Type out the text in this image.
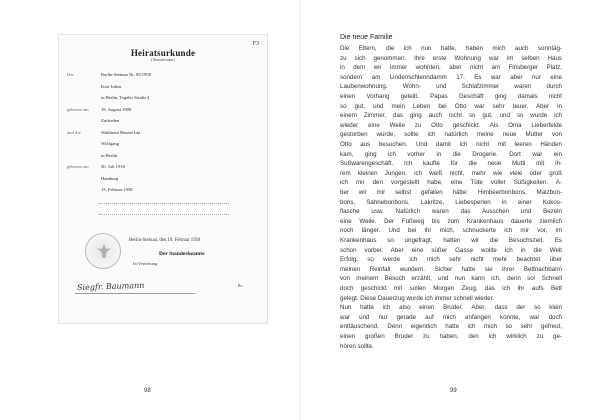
F3
Heiratsurkunde
(Standesamt)
Der	Berlin-Steinau Nr. 95/1958
Kurt Julius
in Berlin, Tegeler Straße 4
geboren am	19. August 1909
Zufrieden
und die	Waldtraut Renate Ida
Wolfgang
in Berlin
geboren am	30. Juli 1916
Hamburg
13. Februar 1958
Berlin-Steinau, den 19. Februar 1958
Der Standesbeamte
In Vertretung
Siegfr. Baumann	Br.
98
Die neue Familie
Die Eltern, die ich nun hatte, haben mich auch sonntäg-
zu sich genommen. Ihre erste Wohnung war im selben Haus
in dem wir immer wohnten, aber nicht am Finsberger Platz,
sondern am Lindenschlenndamm 17. Es war aber nur eine
Laubenwohnung. Wohn- und Schlafzimmer waren durch
einen Vorhang geteilt. Papas Geschäft ging damals nicht
so gut, und mein Leben bei Otto war sehr teuer. Aber in
einem Zimmer, das ging auch nicht so gut, und so wurde ich
wieder eine Weile zu Otto geschickt. Als Oma Lieberfelde
gestorben wurde, sollte ich natürlich meine neue Mutter von
Otto aus besuchen. Und damit ich nicht mit leeren Händen
kam, ging ich vorher in die Drogerie. Dort war ein
Sußwarengeschäft. Ich kaufte für die neue Mutti mit ih-
rem kleinen Jungen, ich weiß nicht, mehr wie viele oder groß
ich mir den vorgestellt habe, eine Tüte voller Süßigkeiten. A-
ber wir mir selbst gefallen hätte: Himbeerbonbons, Malzbon-
bons, Sahnebonbons. Lakritze, Liebesperlen in einer Kokos-
flasche usw. Natürlich waren das Ausschen und Bezeln
eine Weile. Der Fußweg bis zum Krankenhaus dauerte ziemlich
noch länger. Und bei ihr mich, schnuckerte ich mir vor, im
Krankenhaus so ungefragt, hatten wir die Besuchszeit. Es
schon vorbei. Aber eine süßer Gasse wollte ich in die Welt
Erfolg, so werde ich mich sehr nicht mehr beachtet über
meinen Reinfall wundern. Sicher hatte sie ihrer Bettnachbarin
von meinem Besuch erzählt, und nun kann ich, denn so! Schnell
doch geschickt mit sollen Morgen Zeug, das ich ihr aufs Bett
gelegt. Diese Dauerzug wurde ich immer schnell wieder.
Nun hatte ich also einen Bruder. Aber, dass der so klein
war und nur gerade auf mich anfangen konnte, war doch
enttäuschend. Denn eigentlich hatte ich mich so sehr gefreut,
einen großen Bruder zu haben, den ich wirklich zu ge-
hören sollte.
99
